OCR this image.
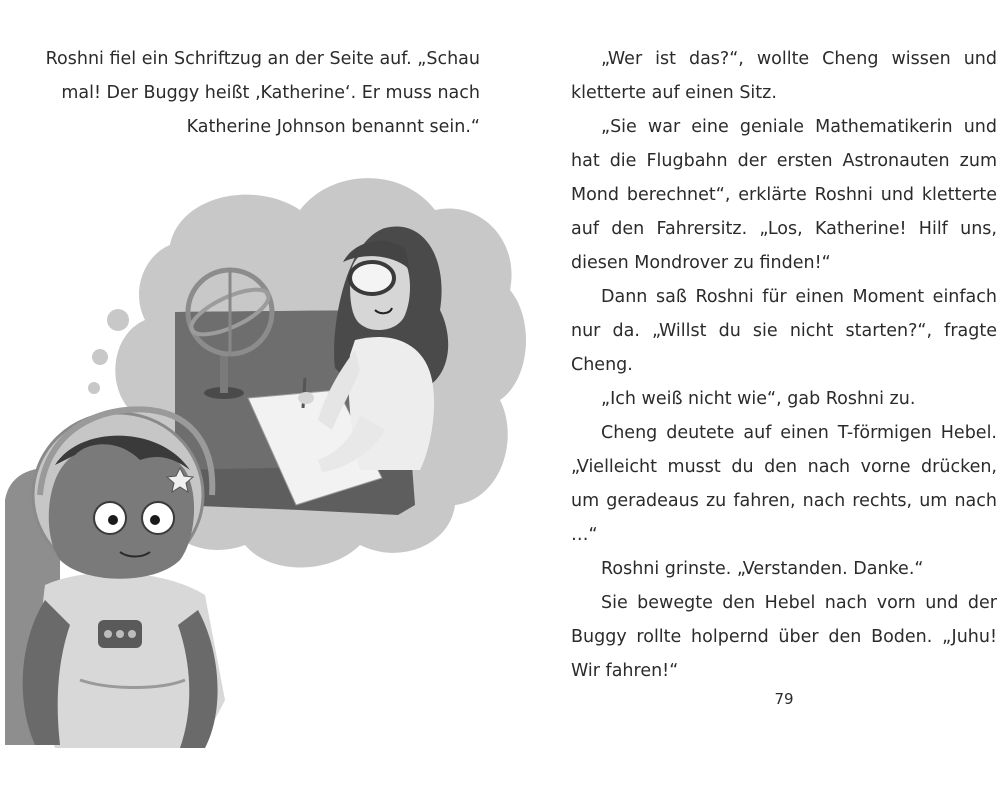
Roshni fiel ein Schriftzug an der Seite auf. „Schau mal! Der Buggy heißt ‚Katherine‘. Er muss nach Katherine Johnson benannt sein.“

„Wer ist das?“, wollte Cheng wissen und kletterte auf einen Sitz.

„Sie war eine geniale Mathematikerin und hat die Flugbahn der ersten Astronauten zum Mond berechnet“, erklärte Roshni und kletterte auf den Fahrersitz. „Los, Katherine! Hilf uns, diesen Mondrover zu finden!“

Dann saß Roshni für einen Moment einfach nur da. „Willst du sie nicht starten?“, fragte Cheng.

„Ich weiß nicht wie“, gab Roshni zu.

Cheng deutete auf einen T-förmigen Hebel. „Vielleicht musst du den nach vorne drücken, um geradeaus zu fahren, nach rechts, um nach …“

Roshni grinste. „Verstanden. Danke.“

Sie bewegte den Hebel nach vorn und der Buggy rollte holpernd über den Boden. „Juhu! Wir fahren!“

79
